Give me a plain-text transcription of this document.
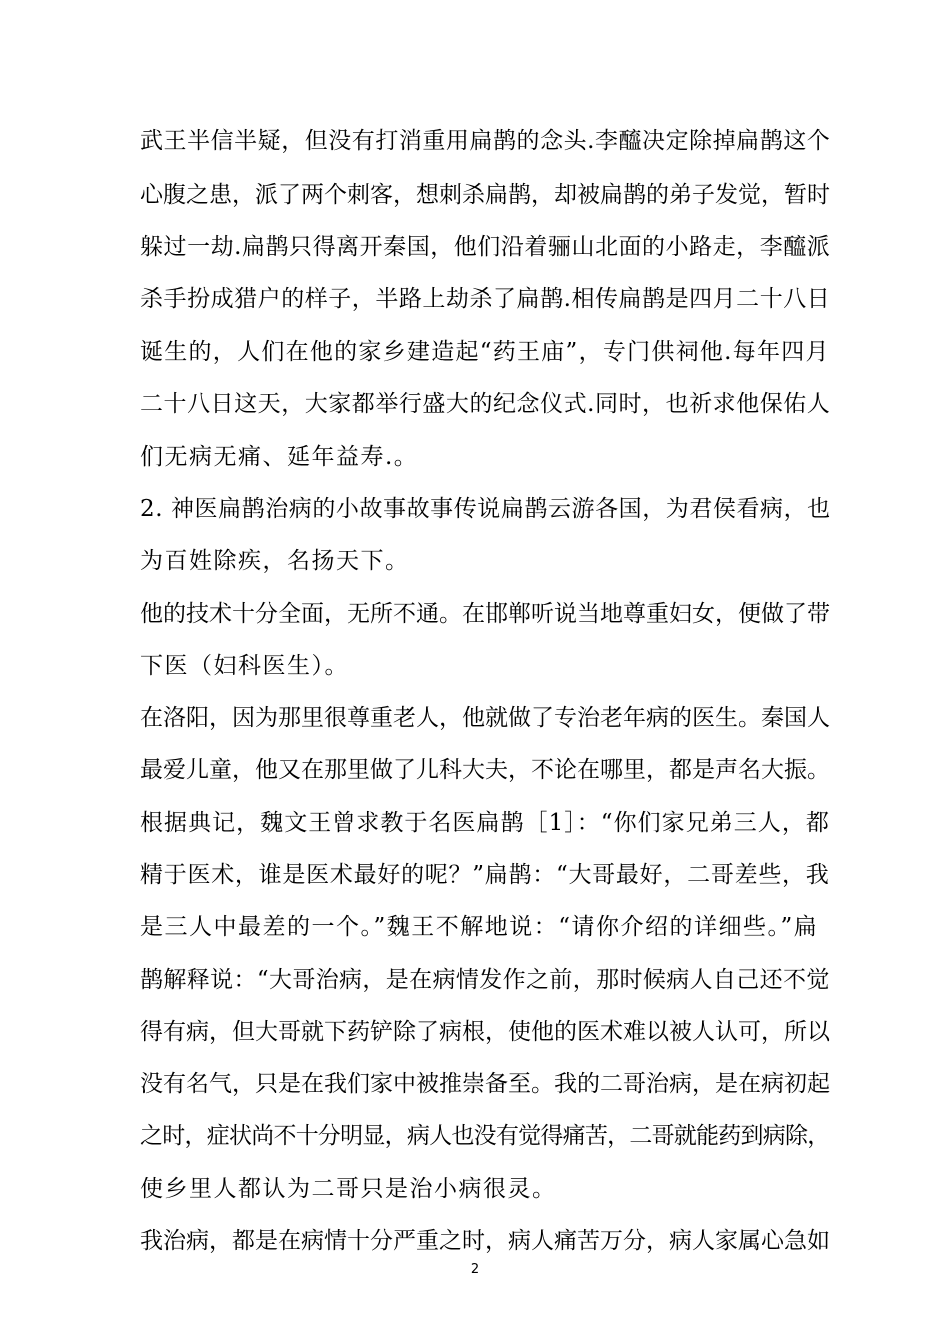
武王半信半疑，但没有打消重用扁鹊的念头.李醯决定除掉扁鹊这个
心腹之患，派了两个刺客，想刺杀扁鹊，却被扁鹊的弟子发觉，暂时
躲过一劫.扁鹊只得离开秦国，他们沿着骊山北面的小路走，李醯派
杀手扮成猎户的样子，半路上劫杀了扁鹊.相传扁鹊是四月二十八日
诞生的，人们在他的家乡建造起“药王庙”，专门供祠他.每年四月
二十八日这天，大家都举行盛大的纪念仪式.同时，也祈求他保佑人
们无病无痛、延年益寿.。
2. 神医扁鹊治病的小故事故事传说扁鹊云游各国，为君侯看病，也
为百姓除疾，名扬天下。
他的技术十分全面，无所不通。在邯郸听说当地尊重妇女，便做了带
下医（妇科医生）。
在洛阳，因为那里很尊重老人，他就做了专治老年病的医生。秦国人
最爱儿童，他又在那里做了儿科大夫，不论在哪里，都是声名大振。
根据典记，魏文王曾求教于名医扁鹊［1］：“你们家兄弟三人，都
精于医术，谁是医术最好的呢？”扁鹊：“大哥最好，二哥差些，我
是三人中最差的一个。”魏王不解地说：“请你介绍的详细些。”扁
鹊解释说：“大哥治病，是在病情发作之前，那时候病人自己还不觉
得有病，但大哥就下药铲除了病根，使他的医术难以被人认可，所以
没有名气，只是在我们家中被推崇备至。我的二哥治病，是在病初起
之时，症状尚不十分明显，病人也没有觉得痛苦，二哥就能药到病除，
使乡里人都认为二哥只是治小病很灵。
我治病，都是在病情十分严重之时，病人痛苦万分，病人家属心急如
2
